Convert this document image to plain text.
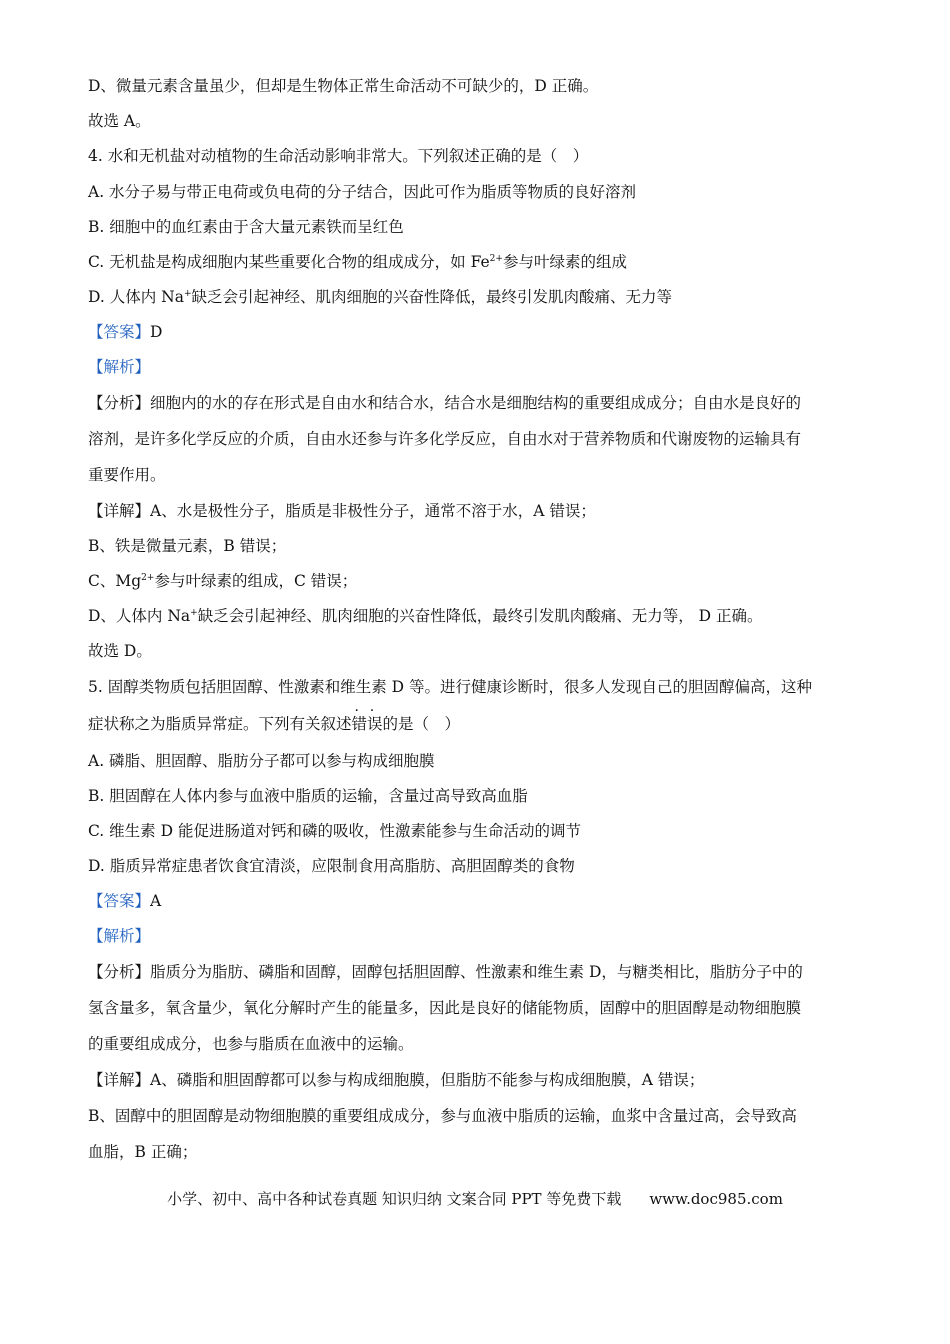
D、微量元素含量虽少，但却是生物体正常生命活动不可缺少的，D 正确。
故选 A。
4. 水和无机盐对动植物的生命活动影响非常大。下列叙述正确的是（　）
A. 水分子易与带正电荷或负电荷的分子结合，因此可作为脂质等物质的良好溶剂
B. 细胞中的血红素由于含大量元素铁而呈红色
C. 无机盐是构成细胞内某些重要化合物的组成成分，如 $Fe^{2+}$参与叶绿素的组成
D. 人体内 Na+缺乏会引起神经、肌肉细胞的兴奋性降低，最终引发肌肉酸痛、无力等
【答案】D
【解析】
【分析】细胞内的水的存在形式是自由水和结合水，结合水是细胞结构的重要组成成分；自由水是良好的
溶剂，是许多化学反应的介质，自由水还参与许多化学反应，自由水对于营养物质和代谢废物的运输具有
重要作用。
【详解】A、水是极性分子，脂质是非极性分子，通常不溶于水，A 错误；
B、铁是微量元素，B 错误；
C、$Mg^{2+}$参与叶绿素的组成，C 错误；
D、人体内 Na+缺乏会引起神经、肌肉细胞的兴奋性降低，最终引发肌肉酸痛、无力等， D 正确。
故选 D。
5. 固醇类物质包括胆固醇、性激素和维生素 D 等。进行健康诊断时，很多人发现自己的胆固醇偏高，这种
症状称之为脂质异常症。下列有关叙述· · 错误的是（　）
A. 磷脂、胆固醇、脂肪分子都可以参与构成细胞膜
B. 胆固醇在人体内参与血液中脂质的运输，含量过高导致高血脂
C. 维生素 D 能促进肠道对钙和磷的吸收，性激素能参与生命活动的调节
D. 脂质异常症患者饮食宜清淡，应限制食用高脂肪、高胆固醇类的食物
【答案】A
【解析】
【分析】脂质分为脂肪、磷脂和固醇，固醇包括胆固醇、性激素和维生素 D，与糖类相比，脂肪分子中的
氢含量多，氧含量少，氧化分解时产生的能量多，因此是良好的储能物质，固醇中的胆固醇是动物细胞膜
的重要组成成分，也参与脂质在血液中的运输。
【详解】A、磷脂和胆固醇都可以参与构成细胞膜，但脂肪不能参与构成细胞膜，A 错误；
B、固醇中的胆固醇是动物细胞膜的重要组成成分，参与血液中脂质的运输，血浆中含量过高，会导致高
血脂，B 正确；
小学、初中、高中各种试卷真题 知识归纳 文案合同 PPT 等免费下载 www.doc985.com
